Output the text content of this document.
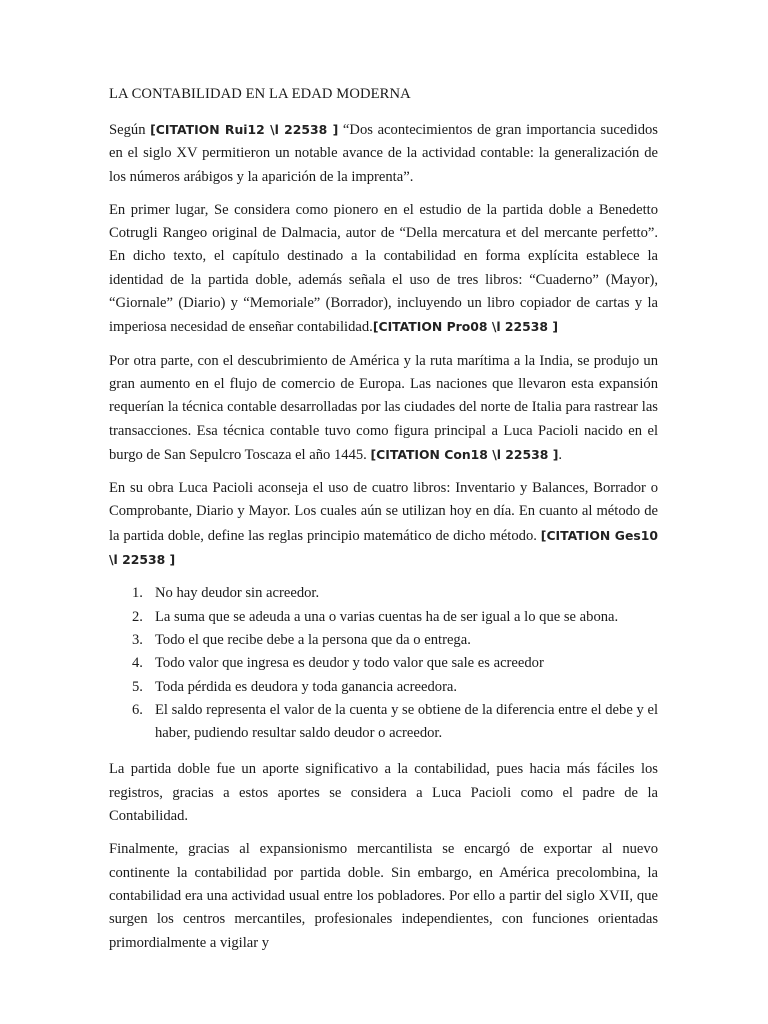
LA CONTABILIDAD EN LA EDAD MODERNA

Según [CITATION Rui12 \l 22538 ] “Dos acontecimientos de gran importancia sucedidos en el siglo XV permitieron un notable avance de la actividad contable: la generalización de los números arábigos y la aparición de la imprenta”.

En primer lugar, Se considera como pionero en el estudio de la partida doble a Benedetto Cotrugli Rangeo original de Dalmacia, autor de “Della mercatura et del mercante perfetto”. En dicho texto, el capítulo destinado a la contabilidad en forma explícita establece la identidad de la partida doble, además señala el uso de tres libros: “Cuaderno” (Mayor), “Giornale” (Diario) y “Memoriale” (Borrador), incluyendo un libro copiador de cartas y la imperiosa necesidad de enseñar contabilidad.[CITATION Pro08 \l 22538 ]

Por otra parte, con el descubrimiento de América y la ruta marítima a la India, se produjo un gran aumento en el flujo de comercio de Europa. Las naciones que llevaron esta expansión requerían la técnica contable desarrolladas por las ciudades del norte de Italia para rastrear las transacciones. Esa técnica contable tuvo como figura principal a Luca Pacioli nacido en el burgo de San Sepulcro Toscaza el año 1445. [CITATION Con18 \l 22538 ].

En su obra Luca Pacioli aconseja el uso de cuatro libros: Inventario y Balances, Borrador o Comprobante, Diario y Mayor. Los cuales aún se utilizan hoy en día. En cuanto al método de la partida doble, define las reglas principio matemático de dicho método. [CITATION Ges10 \l 22538 ]

1. No hay deudor sin acreedor.
2. La suma que se adeuda a una o varias cuentas ha de ser igual a lo que se abona.
3. Todo el que recibe debe a la persona que da o entrega.
4. Todo valor que ingresa es deudor y todo valor que sale es acreedor
5. Toda pérdida es deudora y toda ganancia acreedora.
6. El saldo representa el valor de la cuenta y se obtiene de la diferencia entre el debe y el haber, pudiendo resultar saldo deudor o acreedor.

La partida doble fue un aporte significativo a la contabilidad, pues hacia más fáciles los registros, gracias a estos aportes se considera a Luca Pacioli como el padre de la Contabilidad.

Finalmente, gracias al expansionismo mercantilista se encargó de exportar al nuevo continente la contabilidad por partida doble. Sin embargo, en América precolombina, la contabilidad era una actividad usual entre los pobladores. Por ello a partir del siglo XVII, que surgen los centros mercantiles, profesionales independientes, con funciones orientadas primordialmente a vigilar y
